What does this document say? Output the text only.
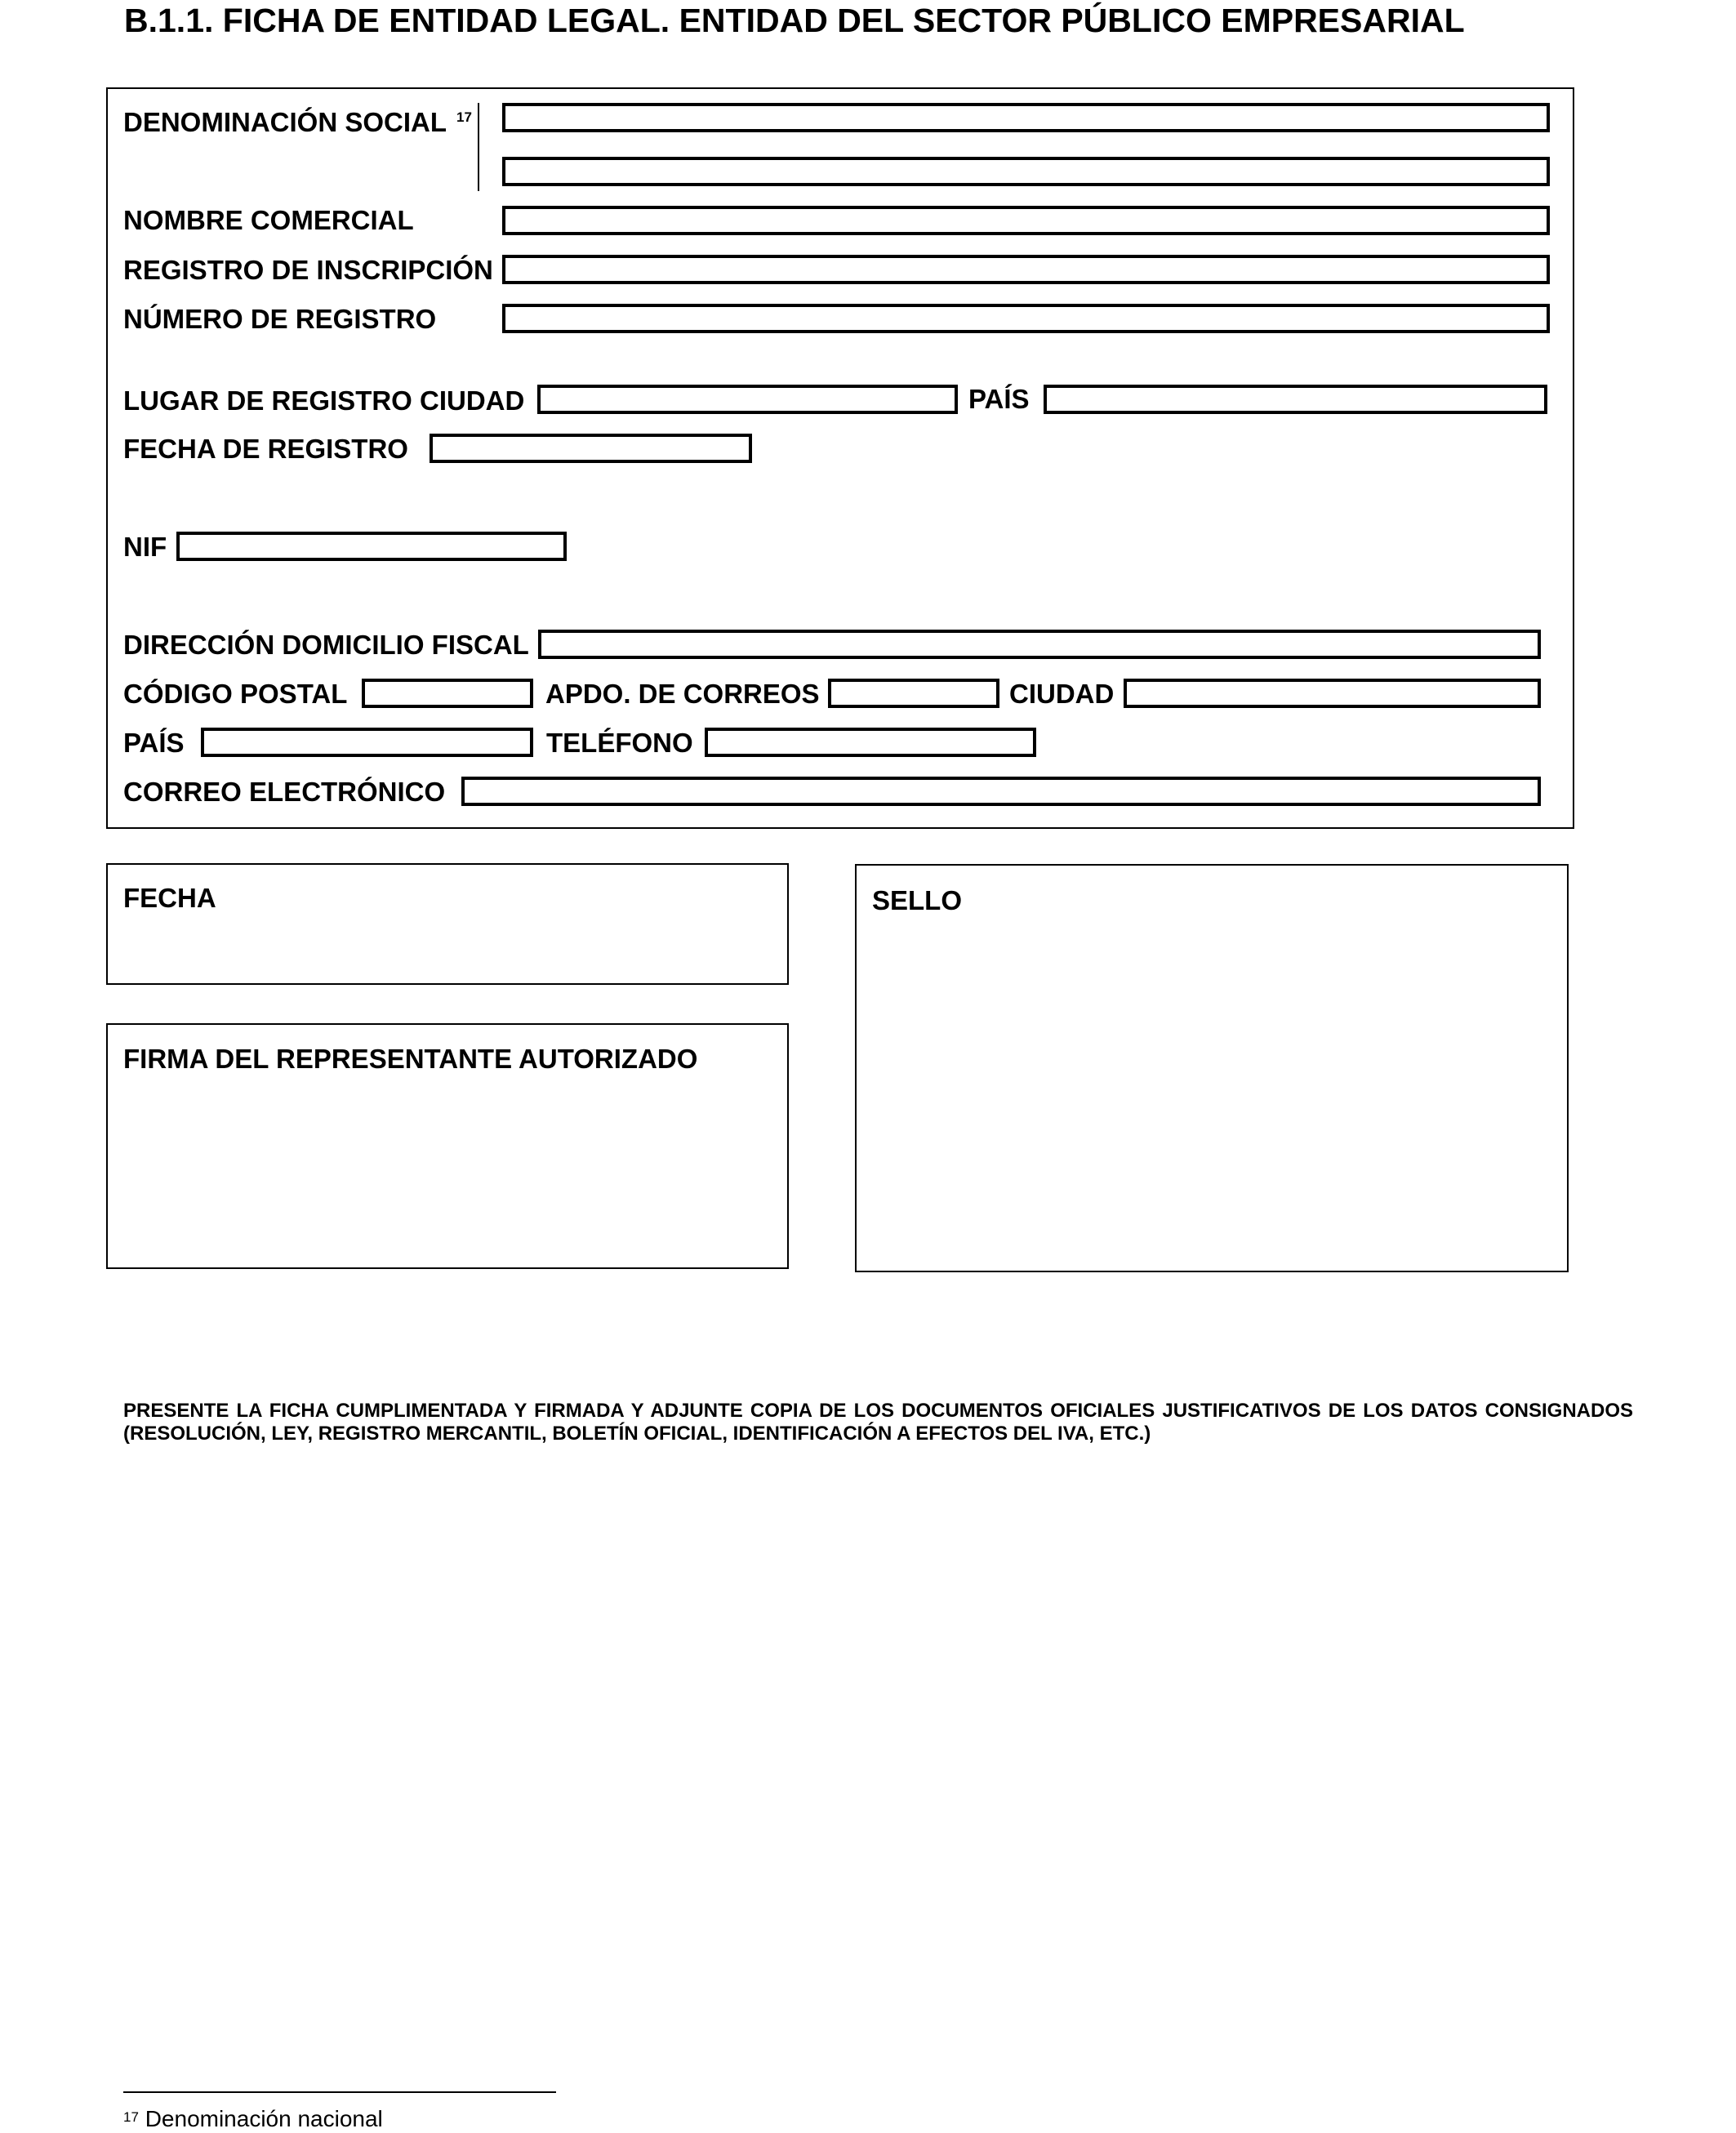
B.1.1. FICHA DE ENTIDAD LEGAL. ENTIDAD DEL SECTOR PÚBLICO EMPRESARIAL
DENOMINACIÓN SOCIAL 17
NOMBRE COMERCIAL
REGISTRO DE INSCRIPCIÓN
NÚMERO DE REGISTRO
LUGAR DE REGISTRO CIUDAD	PAÍS
FECHA DE REGISTRO
NIF
DIRECCIÓN DOMICILIO FISCAL
CÓDIGO POSTAL	APDO. DE CORREOS	CIUDAD
PAÍS	TELÉFONO
CORREO ELECTRÓNICO
FECHA
FIRMA DEL REPRESENTANTE AUTORIZADO
SELLO
PRESENTE LA FICHA CUMPLIMENTADA Y FIRMADA Y ADJUNTE COPIA DE LOS DOCUMENTOS OFICIALES JUSTIFICATIVOS DE LOS DATOS CONSIGNADOS (RESOLUCIÓN, LEY, REGISTRO MERCANTIL, BOLETÍN OFICIAL, IDENTIFICACIÓN A EFECTOS DEL IVA, ETC.)
$^{17}$ Denominación nacional
